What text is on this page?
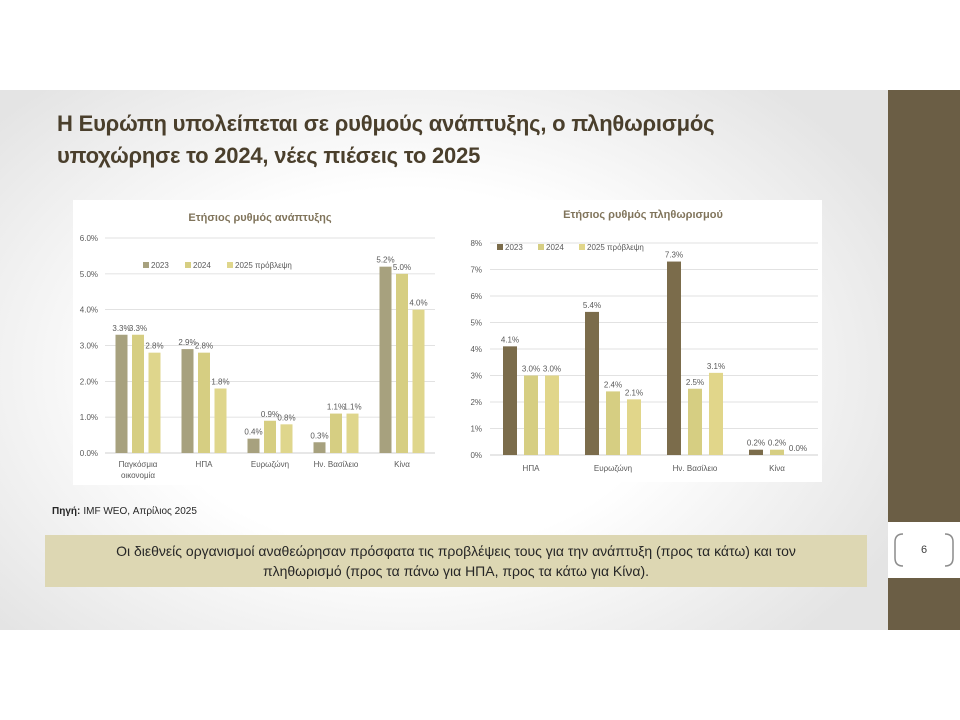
6
Η Ευρώπη υπολείπεται σε ρυθμούς ανάπτυξης, ο πληθωρισμός
υποχώρησε το 2024, νέες πιέσεις το 2025
Ετήσιος ρυθμός ανάπτυξης
0.0%
1.0%
2.0%
3.0%
4.0%
5.0%
6.0%
3.3%
2.9%
0.4%	0.3%
5.2%
2023
3.3%
2.8%
0.9%
1.1%
5.0%
2024
2.8%
1.8%
0.8%
1.1%
4.0%
2025 πρόβλεψη
Παγκόσμια οικονομία
ΗΠΑ	Ευρωζώνη	Ην. Βασίλειο	Κίνα
Ετήσιος ρυθμός πληθωρισμού
0%
1%
2%
3%
4%
5%
6%
7%
8%
4.1%
5.4%
7.3%
0.2%
2023
3.0%
2.4%	2.5%
0.2%
2024
3.0%
2.1%
3.1%
0.0%
2025 πρόβλεψη
ΗΠΑ	Ευρωζώνη	Ην. Βασίλειο	Κίνα
Πηγή: IMF WEO, Απρίλιος 2025
Οι διεθνείς οργανισμοί αναθεώρησαν πρόσφατα τις προβλέψεις τους για την ανάπτυξη (προς τα κάτω) και τον
πληθωρισμό (προς τα πάνω για ΗΠΑ, προς τα κάτω για Κίνα).
